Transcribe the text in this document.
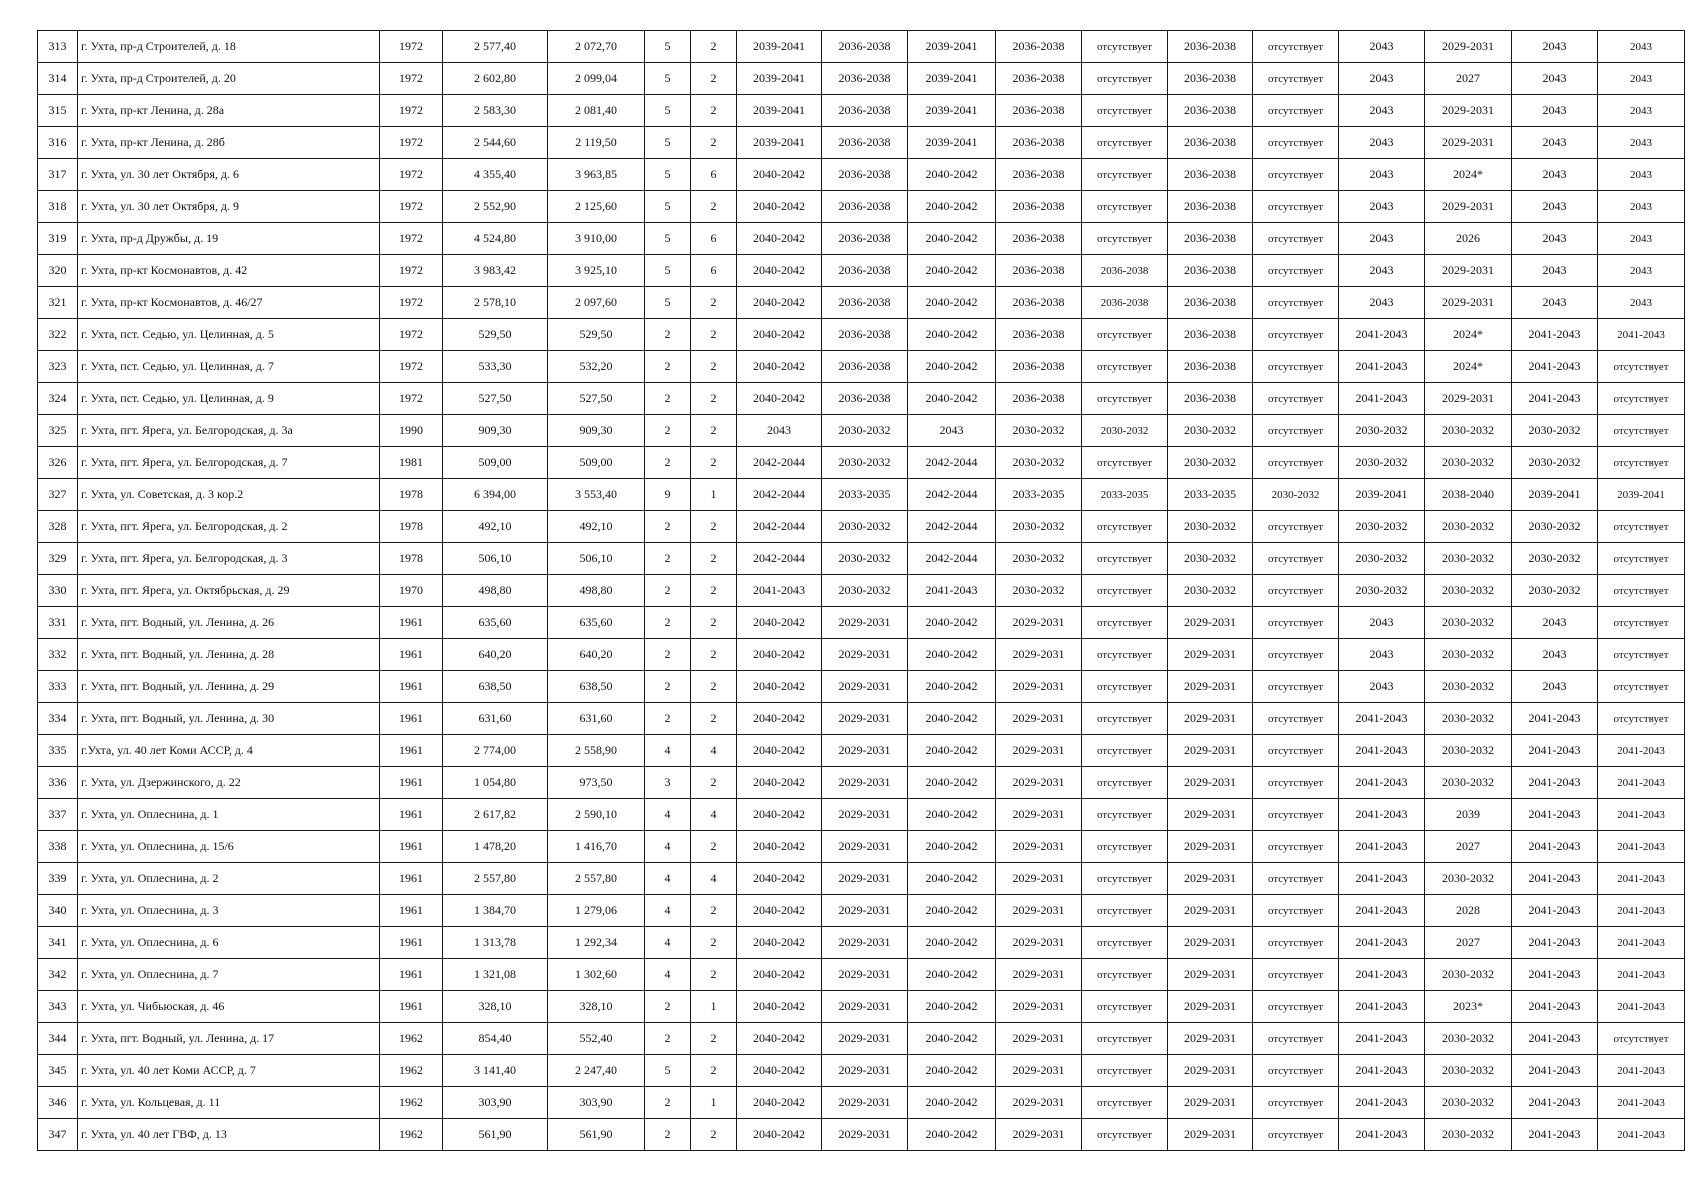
313	г. Ухта, пр-д Строителей, д. 18	1972	2 577,40	2 072,70	5	2	2039-2041	2036-2038	2039-2041	2036-2038	отсутствует	2036-2038	отсутствует	2043	2029-2031	2043	2043
314	г. Ухта, пр-д Строителей, д. 20	1972	2 602,80	2 099,04	5	2	2039-2041	2036-2038	2039-2041	2036-2038	отсутствует	2036-2038	отсутствует	2043	2027	2043	2043
315	г. Ухта, пр-кт Ленина, д. 28а	1972	2 583,30	2 081,40	5	2	2039-2041	2036-2038	2039-2041	2036-2038	отсутствует	2036-2038	отсутствует	2043	2029-2031	2043	2043
316	г. Ухта, пр-кт Ленина, д. 28б	1972	2 544,60	2 119,50	5	2	2039-2041	2036-2038	2039-2041	2036-2038	отсутствует	2036-2038	отсутствует	2043	2029-2031	2043	2043
317	г. Ухта, ул. 30 лет Октября, д. 6	1972	4 355,40	3 963,85	5	6	2040-2042	2036-2038	2040-2042	2036-2038	отсутствует	2036-2038	отсутствует	2043	2024*	2043	2043
318	г. Ухта, ул. 30 лет Октября, д. 9	1972	2 552,90	2 125,60	5	2	2040-2042	2036-2038	2040-2042	2036-2038	отсутствует	2036-2038	отсутствует	2043	2029-2031	2043	2043
319	г. Ухта, пр-д Дружбы, д. 19	1972	4 524,80	3 910,00	5	6	2040-2042	2036-2038	2040-2042	2036-2038	отсутствует	2036-2038	отсутствует	2043	2026	2043	2043
320	г. Ухта, пр-кт Космонавтов, д. 42	1972	3 983,42	3 925,10	5	6	2040-2042	2036-2038	2040-2042	2036-2038	2036-2038	2036-2038	отсутствует	2043	2029-2031	2043	2043
321	г. Ухта, пр-кт Космонавтов, д. 46/27	1972	2 578,10	2 097,60	5	2	2040-2042	2036-2038	2040-2042	2036-2038	2036-2038	2036-2038	отсутствует	2043	2029-2031	2043	2043
322	г. Ухта, пст. Седью, ул. Целинная, д. 5	1972	529,50	529,50	2	2	2040-2042	2036-2038	2040-2042	2036-2038	отсутствует	2036-2038	отсутствует	2041-2043	2024*	2041-2043	2041-2043
323	г. Ухта, пст. Седью, ул. Целинная, д. 7	1972	533,30	532,20	2	2	2040-2042	2036-2038	2040-2042	2036-2038	отсутствует	2036-2038	отсутствует	2041-2043	2024*	2041-2043	отсутствует
324	г. Ухта, пст. Седью, ул. Целинная, д. 9	1972	527,50	527,50	2	2	2040-2042	2036-2038	2040-2042	2036-2038	отсутствует	2036-2038	отсутствует	2041-2043	2029-2031	2041-2043	отсутствует
325	г. Ухта, пгт. Ярега, ул. Белгородская, д. 3а	1990	909,30	909,30	2	2	2043	2030-2032	2043	2030-2032	2030-2032	2030-2032	отсутствует	2030-2032	2030-2032	2030-2032	отсутствует
326	г. Ухта, пгт. Ярега, ул. Белгородская, д. 7	1981	509,00	509,00	2	2	2042-2044	2030-2032	2042-2044	2030-2032	отсутствует	2030-2032	отсутствует	2030-2032	2030-2032	2030-2032	отсутствует
327	г. Ухта, ул. Советская, д. 3 кор.2	1978	6 394,00	3 553,40	9	1	2042-2044	2033-2035	2042-2044	2033-2035	2033-2035	2033-2035	2030-2032	2039-2041	2038-2040	2039-2041	2039-2041
328	г. Ухта, пгт. Ярега, ул. Белгородская, д. 2	1978	492,10	492,10	2	2	2042-2044	2030-2032	2042-2044	2030-2032	отсутствует	2030-2032	отсутствует	2030-2032	2030-2032	2030-2032	отсутствует
329	г. Ухта, пгт. Ярега, ул. Белгородская, д. 3	1978	506,10	506,10	2	2	2042-2044	2030-2032	2042-2044	2030-2032	отсутствует	2030-2032	отсутствует	2030-2032	2030-2032	2030-2032	отсутствует
330	г. Ухта, пгт. Ярега, ул. Октябрьская, д. 29	1970	498,80	498,80	2	2	2041-2043	2030-2032	2041-2043	2030-2032	отсутствует	2030-2032	отсутствует	2030-2032	2030-2032	2030-2032	отсутствует
331	г. Ухта, пгт. Водный, ул. Ленина, д. 26	1961	635,60	635,60	2	2	2040-2042	2029-2031	2040-2042	2029-2031	отсутствует	2029-2031	отсутствует	2043	2030-2032	2043	отсутствует
332	г. Ухта, пгт. Водный, ул. Ленина, д. 28	1961	640,20	640,20	2	2	2040-2042	2029-2031	2040-2042	2029-2031	отсутствует	2029-2031	отсутствует	2043	2030-2032	2043	отсутствует
333	г. Ухта, пгт. Водный, ул. Ленина, д. 29	1961	638,50	638,50	2	2	2040-2042	2029-2031	2040-2042	2029-2031	отсутствует	2029-2031	отсутствует	2043	2030-2032	2043	отсутствует
334	г. Ухта, пгт. Водный, ул. Ленина, д. 30	1961	631,60	631,60	2	2	2040-2042	2029-2031	2040-2042	2029-2031	отсутствует	2029-2031	отсутствует	2041-2043	2030-2032	2041-2043	отсутствует
335	г.Ухта, ул. 40 лет Коми АССР, д. 4	1961	2 774,00	2 558,90	4	4	2040-2042	2029-2031	2040-2042	2029-2031	отсутствует	2029-2031	отсутствует	2041-2043	2030-2032	2041-2043	2041-2043
336	г. Ухта, ул. Дзержинского, д. 22	1961	1 054,80	973,50	3	2	2040-2042	2029-2031	2040-2042	2029-2031	отсутствует	2029-2031	отсутствует	2041-2043	2030-2032	2041-2043	2041-2043
337	г. Ухта, ул. Оплеснина, д. 1	1961	2 617,82	2 590,10	4	4	2040-2042	2029-2031	2040-2042	2029-2031	отсутствует	2029-2031	отсутствует	2041-2043	2039	2041-2043	2041-2043
338	г. Ухта, ул. Оплеснина, д. 15/6	1961	1 478,20	1 416,70	4	2	2040-2042	2029-2031	2040-2042	2029-2031	отсутствует	2029-2031	отсутствует	2041-2043	2027	2041-2043	2041-2043
339	г. Ухта, ул. Оплеснина, д. 2	1961	2 557,80	2 557,80	4	4	2040-2042	2029-2031	2040-2042	2029-2031	отсутствует	2029-2031	отсутствует	2041-2043	2030-2032	2041-2043	2041-2043
340	г. Ухта, ул. Оплеснина, д. 3	1961	1 384,70	1 279,06	4	2	2040-2042	2029-2031	2040-2042	2029-2031	отсутствует	2029-2031	отсутствует	2041-2043	2028	2041-2043	2041-2043
341	г. Ухта, ул. Оплеснина, д. 6	1961	1 313,78	1 292,34	4	2	2040-2042	2029-2031	2040-2042	2029-2031	отсутствует	2029-2031	отсутствует	2041-2043	2027	2041-2043	2041-2043
342	г. Ухта, ул. Оплеснина, д. 7	1961	1 321,08	1 302,60	4	2	2040-2042	2029-2031	2040-2042	2029-2031	отсутствует	2029-2031	отсутствует	2041-2043	2030-2032	2041-2043	2041-2043
343	г. Ухта, ул. Чибьюская, д. 46	1961	328,10	328,10	2	1	2040-2042	2029-2031	2040-2042	2029-2031	отсутствует	2029-2031	отсутствует	2041-2043	2023*	2041-2043	2041-2043
344	г. Ухта, пгт. Водный, ул. Ленина, д. 17	1962	854,40	552,40	2	2	2040-2042	2029-2031	2040-2042	2029-2031	отсутствует	2029-2031	отсутствует	2041-2043	2030-2032	2041-2043	отсутствует
345	г. Ухта, ул. 40 лет Коми АССР, д. 7	1962	3 141,40	2 247,40	5	2	2040-2042	2029-2031	2040-2042	2029-2031	отсутствует	2029-2031	отсутствует	2041-2043	2030-2032	2041-2043	2041-2043
346	г. Ухта, ул. Кольцевая, д. 11	1962	303,90	303,90	2	1	2040-2042	2029-2031	2040-2042	2029-2031	отсутствует	2029-2031	отсутствует	2041-2043	2030-2032	2041-2043	2041-2043
347	г. Ухта, ул. 40 лет ГВФ, д. 13	1962	561,90	561,90	2	2	2040-2042	2029-2031	2040-2042	2029-2031	отсутствует	2029-2031	отсутствует	2041-2043	2030-2032	2041-2043	2041-2043
